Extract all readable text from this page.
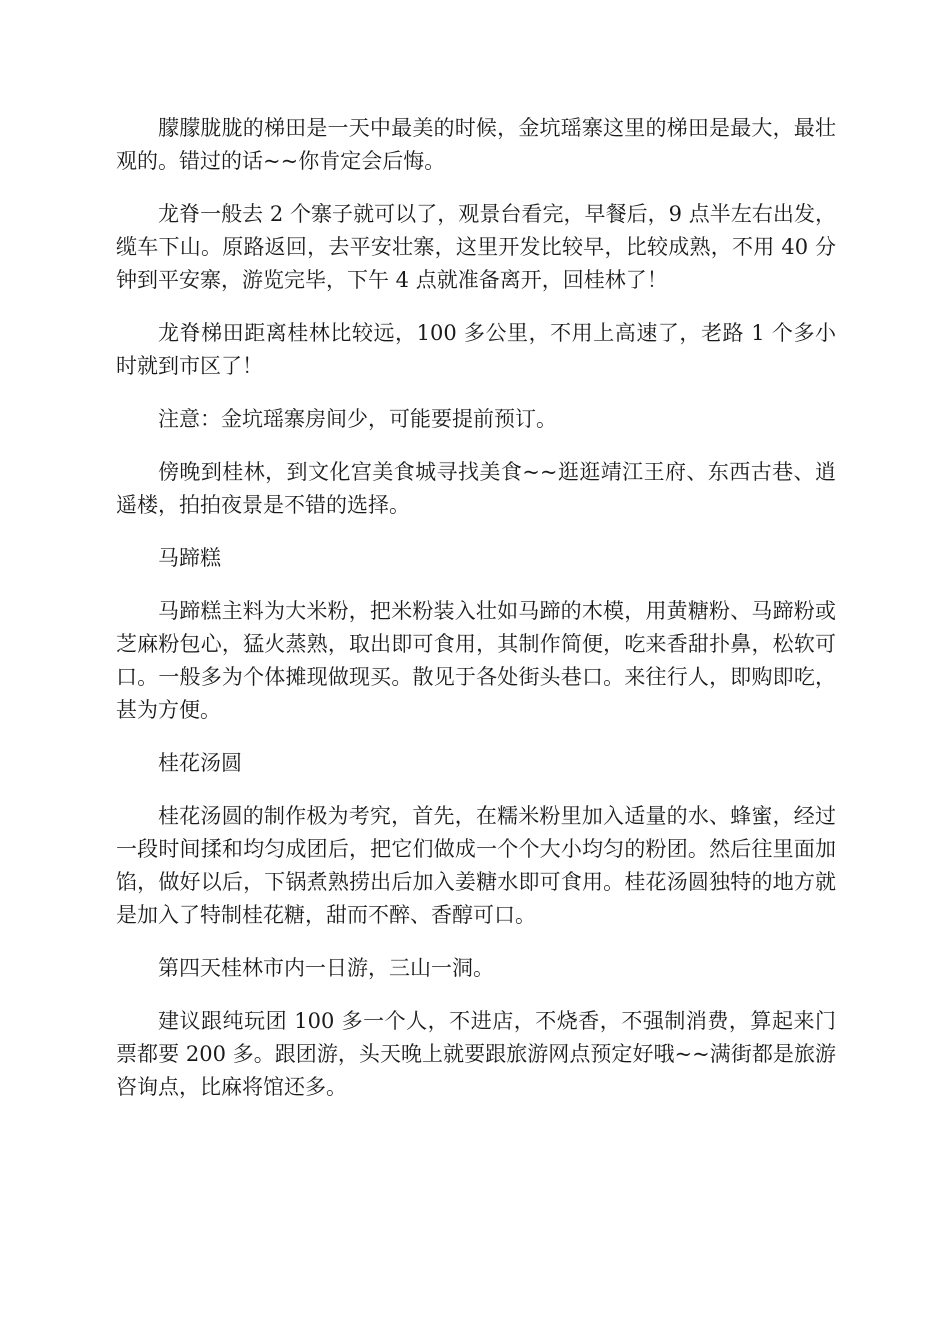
朦朦胧胧的梯田是一天中最美的时候，金坑瑶寨这里的梯田是最大，最壮观的。错过的话~~你肯定会后悔。

龙脊一般去 2 个寨子就可以了，观景台看完，早餐后，9 点半左右出发，缆车下山。原路返回，去平安壮寨，这里开发比较早，比较成熟，不用 40 分钟到平安寨，游览完毕，下午 4 点就准备离开，回桂林了！

龙脊梯田距离桂林比较远，100 多公里，不用上高速了，老路 1 个多小时就到市区了！

注意：金坑瑶寨房间少，可能要提前预订。

傍晚到桂林，到文化宫美食城寻找美食~~逛逛靖江王府、东西古巷、逍遥楼，拍拍夜景是不错的选择。

马蹄糕

马蹄糕主料为大米粉，把米粉装入壮如马蹄的木模，用黄糖粉、马蹄粉或芝麻粉包心，猛火蒸熟，取出即可食用，其制作简便，吃来香甜扑鼻，松软可口。一般多为个体摊现做现买。散见于各处街头巷口。来往行人，即购即吃，甚为方便。

桂花汤圆

桂花汤圆的制作极为考究，首先，在糯米粉里加入适量的水、蜂蜜，经过一段时间揉和均匀成团后，把它们做成一个个大小均匀的粉团。然后往里面加馅，做好以后，下锅煮熟捞出后加入姜糖水即可食用。桂花汤圆独特的地方就是加入了特制桂花糖，甜而不醉、香醇可口。

第四天桂林市内一日游，三山一洞。

建议跟纯玩团 100 多一个人，不进店，不烧香，不强制消费，算起来门票都要 200 多。跟团游，头天晚上就要跟旅游网点预定好哦~~满街都是旅游咨询点，比麻将馆还多。
